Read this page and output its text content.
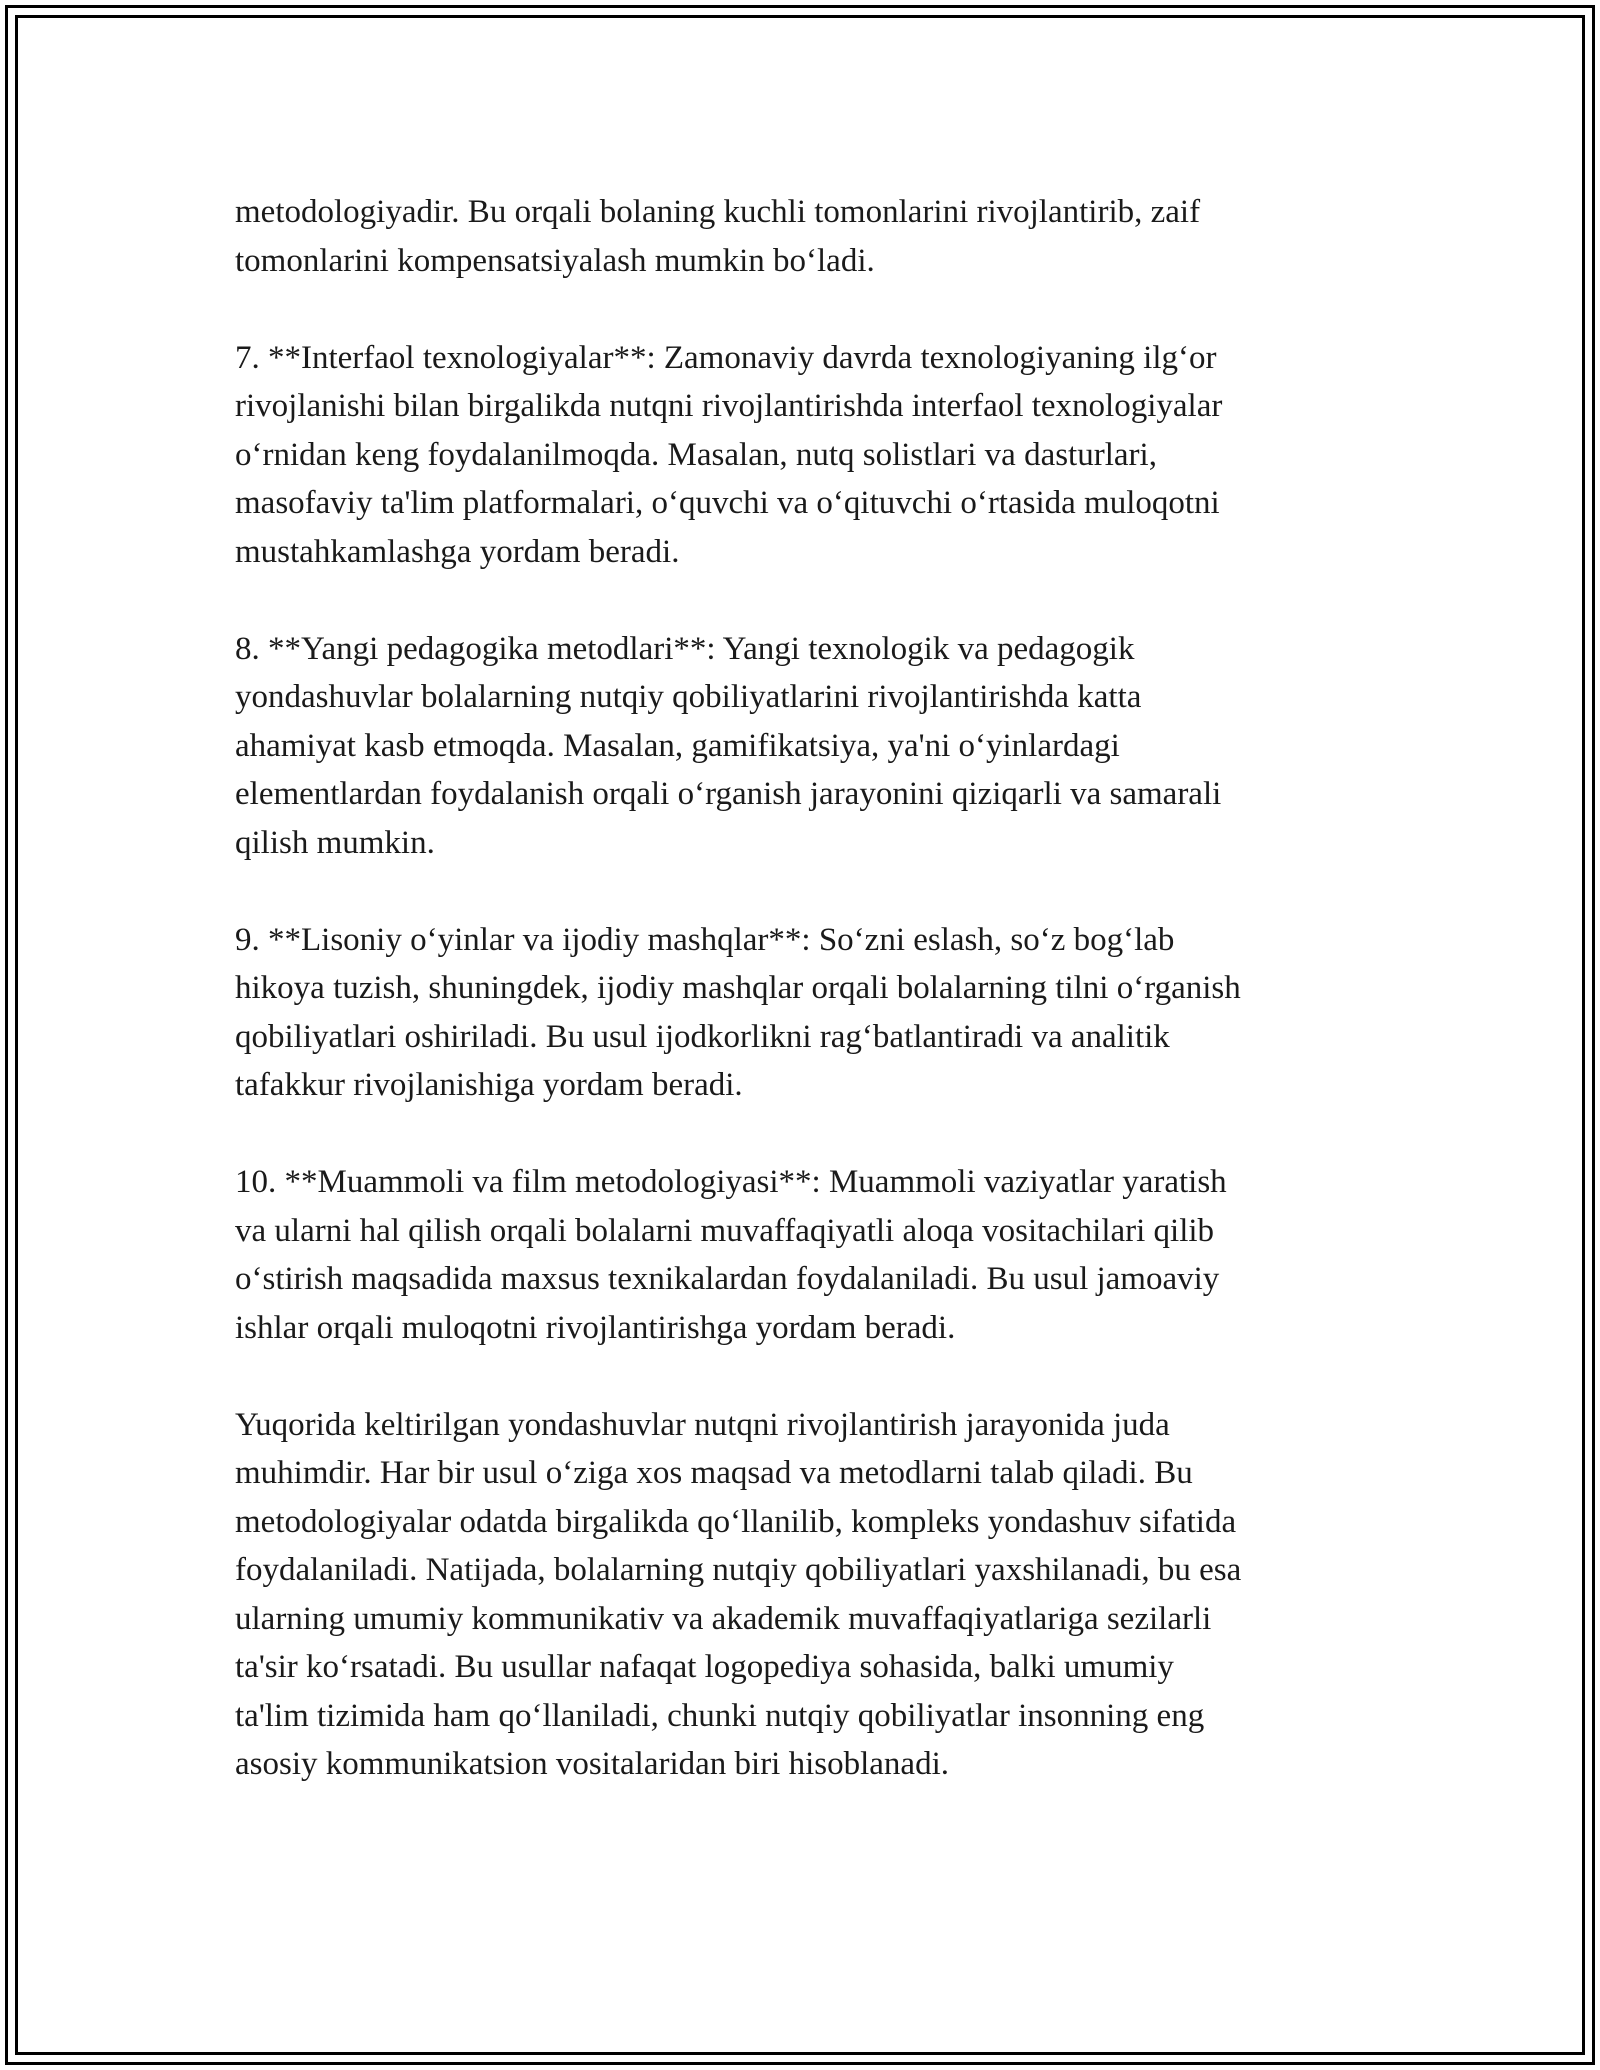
metodologiyadir. Bu orqali bolaning kuchli tomonlarini rivojlantirib, zaif
tomonlarini kompensatsiyalash mumkin bo‘ladi.

7. **Interfaol texnologiyalar**: Zamonaviy davrda texnologiyaning ilg‘or
rivojlanishi bilan birgalikda nutqni rivojlantirishda interfaol texnologiyalar
o‘rnidan keng foydalanilmoqda. Masalan, nutq solistlari va dasturlari,
masofaviy ta'lim platformalari, o‘quvchi va o‘qituvchi o‘rtasida muloqotni
mustahkamlashga yordam beradi.

8. **Yangi pedagogika metodlari**: Yangi texnologik va pedagogik
yondashuvlar bolalarning nutqiy qobiliyatlarini rivojlantirishda katta
ahamiyat kasb etmoqda. Masalan, gamifikatsiya, ya'ni o‘yinlardagi
elementlardan foydalanish orqali o‘rganish jarayonini qiziqarli va samarali
qilish mumkin.

9. **Lisoniy o‘yinlar va ijodiy mashqlar**: So‘zni eslash, so‘z bog‘lab
hikoya tuzish, shuningdek, ijodiy mashqlar orqali bolalarning tilni o‘rganish
qobiliyatlari oshiriladi. Bu usul ijodkorlikni rag‘batlantiradi va analitik
tafakkur rivojlanishiga yordam beradi.

10. **Muammoli va film metodologiyasi**: Muammoli vaziyatlar yaratish
va ularni hal qilish orqali bolalarni muvaffaqiyatli aloqa vositachilari qilib
o‘stirish maqsadida maxsus texnikalardan foydalaniladi. Bu usul jamoaviy
ishlar orqali muloqotni rivojlantirishga yordam beradi.

Yuqorida keltirilgan yondashuvlar nutqni rivojlantirish jarayonida juda
muhimdir. Har bir usul o‘ziga xos maqsad va metodlarni talab qiladi. Bu
metodologiyalar odatda birgalikda qo‘llanilib, kompleks yondashuv sifatida
foydalaniladi. Natijada, bolalarning nutqiy qobiliyatlari yaxshilanadi, bu esa
ularning umumiy kommunikativ va akademik muvaffaqiyatlariga sezilarli
ta'sir ko‘rsatadi. Bu usullar nafaqat logopediya sohasida, balki umumiy
ta'lim tizimida ham qo‘llaniladi, chunki nutqiy qobiliyatlar insonning eng
asosiy kommunikatsion vositalaridan biri hisoblanadi.
